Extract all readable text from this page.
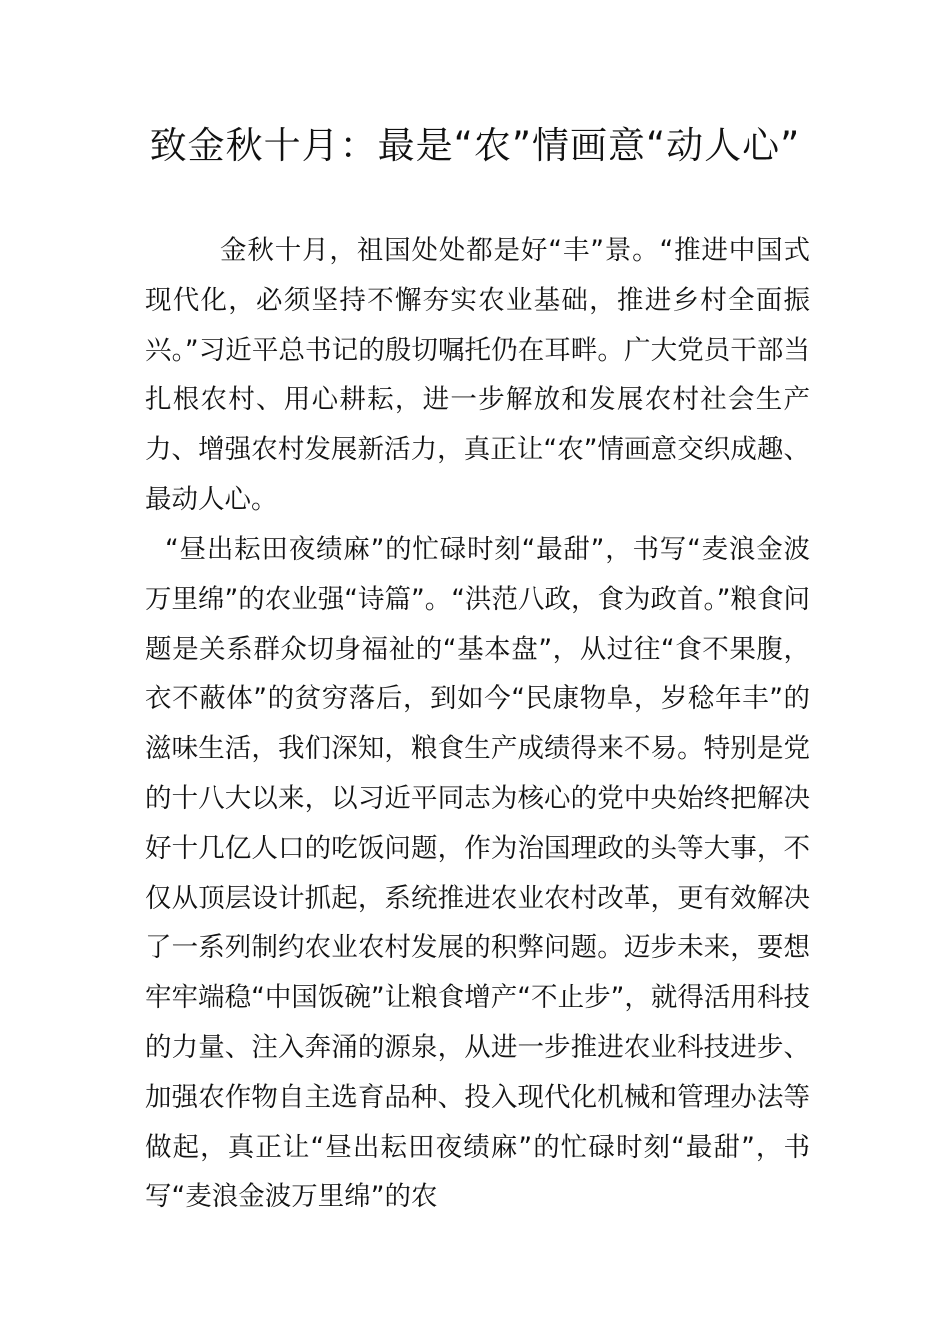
致金秋十月：最是“农”情画意“动人心”

金秋十月，祖国处处都是好“丰”景。“推进中国式现代化，必须坚持不懈夯实农业基础，推进乡村全面振兴。”习近平总书记的殷切嘱托仍在耳畔。广大党员干部当扎根农村、用心耕耘，进一步解放和发展农村社会生产力、增强农村发展新活力，真正让“农”情画意交织成趣、最动人心。

“昼出耘田夜绩麻”的忙碌时刻“最甜”，书写“麦浪金波万里绵”的农业强“诗篇”。“洪范八政，食为政首。”粮食问题是关系群众切身福祉的“基本盘”，从过往“食不果腹，衣不蔽体”的贫穷落后，到如今“民康物阜，岁稔年丰”的滋味生活，我们深知，粮食生产成绩得来不易。特别是党的十八大以来，以习近平同志为核心的党中央始终把解决好十几亿人口的吃饭问题，作为治国理政的头等大事，不仅从顶层设计抓起，系统推进农业农村改革，更有效解决了一系列制约农业农村发展的积弊问题。迈步未来，要想牢牢端稳“中国饭碗”让粮食增产“不止步”，就得活用科技的力量、注入奔涌的源泉，从进一步推进农业科技进步、加强农作物自主选育品种、投入现代化机械和管理办法等做起，真正让“昼出耘田夜绩麻”的忙碌时刻“最甜”，书写“麦浪金波万里绵”的农
